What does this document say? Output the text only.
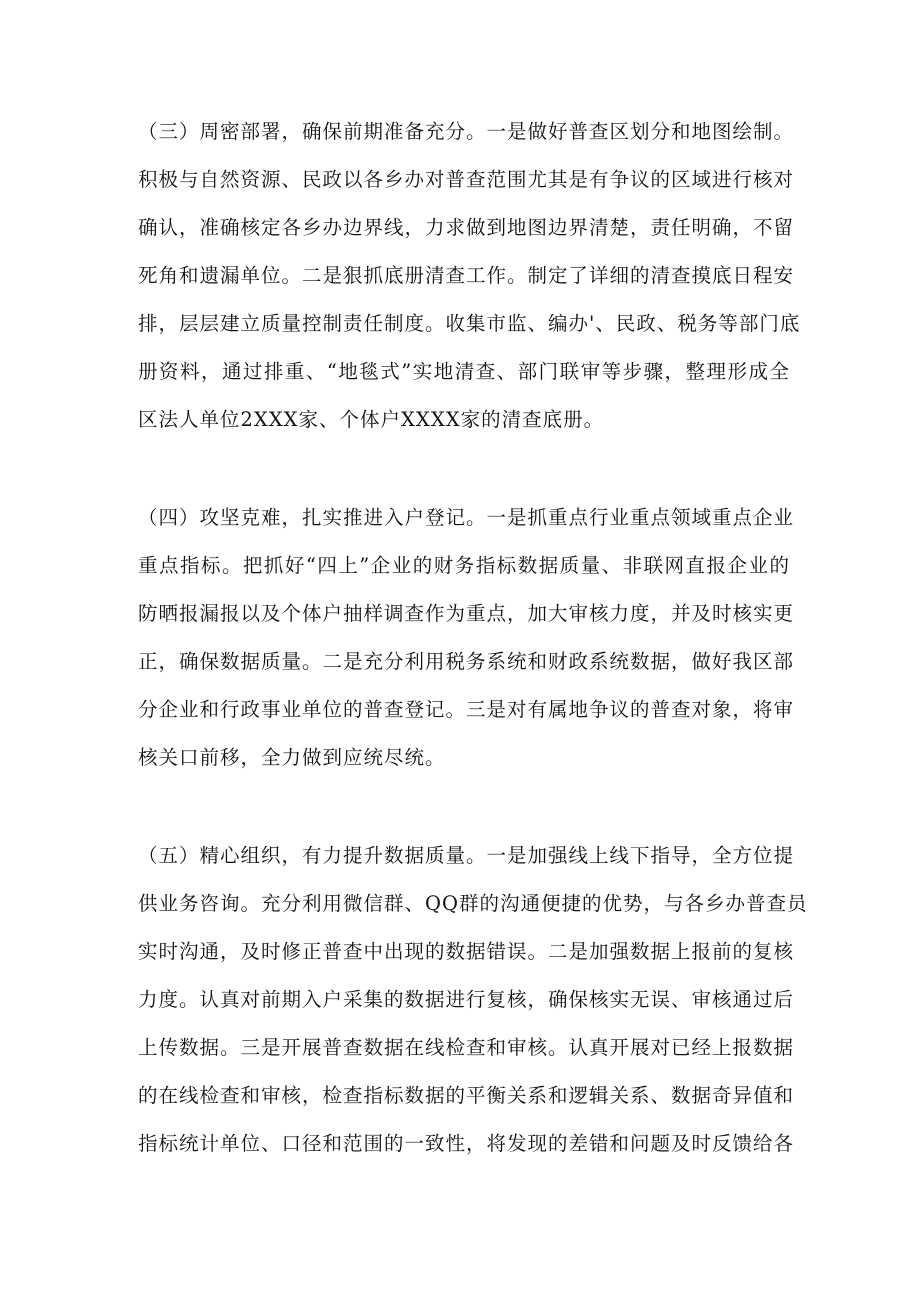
（三）周密部署，确保前期准备充分。一是做好普查区划分和地图绘制。
积极与自然资源、民政以各乡办对普查范围尤其是有争议的区域进行核对
确认，准确核定各乡办边界线，力求做到地图边界清楚，责任明确，不留
死角和遗漏单位。二是狠抓底册清查工作。制定了详细的清查摸底日程安
排，层层建立质量控制责任制度。收集市监、编办'、民政、税务等部门底
册资料，通过排重、“地毯式”实地清查、部门联审等步骤，整理形成全
区法人单位2XXX家、个体户XXXX家的清查底册。
（四）攻坚克难，扎实推进入户登记。一是抓重点行业重点领域重点企业
重点指标。把抓好“四上”企业的财务指标数据质量、非联网直报企业的
防晒报漏报以及个体户抽样调查作为重点，加大审核力度，并及时核实更
正，确保数据质量。二是充分利用税务系统和财政系统数据，做好我区部
分企业和行政事业单位的普查登记。三是对有属地争议的普查对象，将审
核关口前移，全力做到应统尽统。
（五）精心组织，有力提升数据质量。一是加强线上线下指导，全方位提
供业务咨询。充分利用微信群、QQ群的沟通便捷的优势，与各乡办普查员
实时沟通，及时修正普查中出现的数据错误。二是加强数据上报前的复核
力度。认真对前期入户采集的数据进行复核，确保核实无误、审核通过后
上传数据。三是开展普查数据在线检查和审核。认真开展对已经上报数据
的在线检查和审核，检查指标数据的平衡关系和逻辑关系、数据奇异值和
指标统计单位、口径和范围的一致性，将发现的差错和问题及时反馈给各
